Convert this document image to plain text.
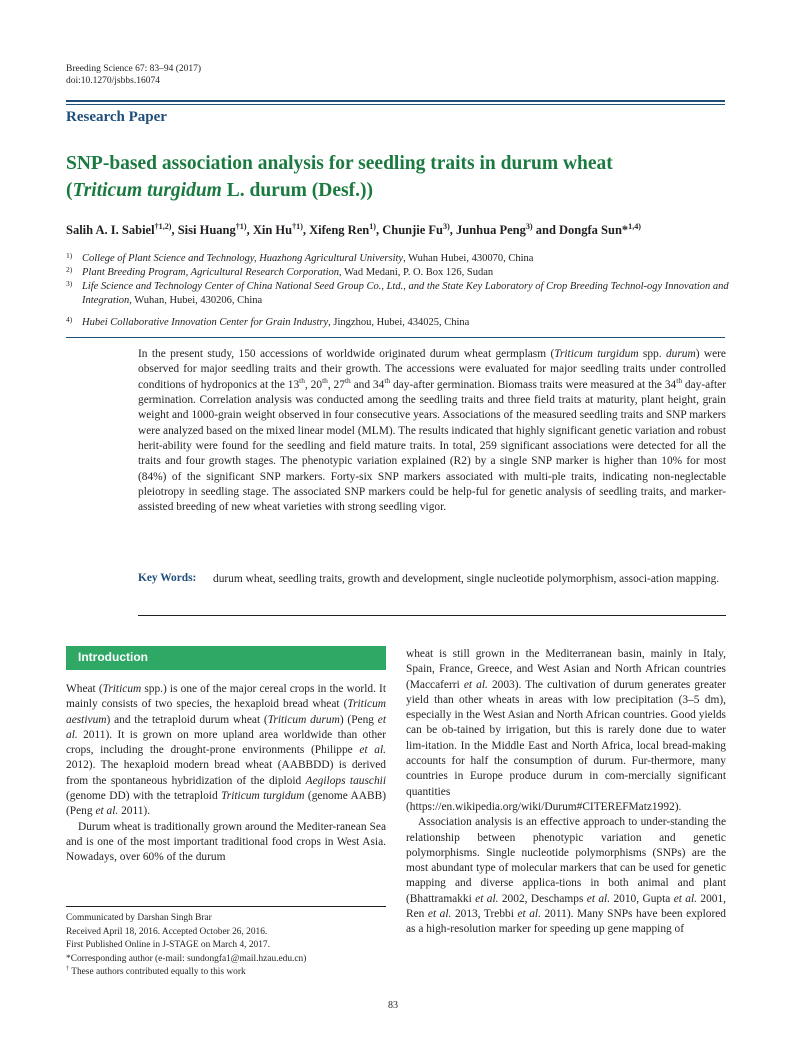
Breeding Science 67: 83–94 (2017)
doi:10.1270/jsbbs.16074
Research Paper
SNP-based association analysis for seedling traits in durum wheat
(Triticum turgidum L. durum (Desf.))
Salih A. I. Sabiel$^{\dagger 1,2)}$, Sisi Huang$^{\dagger 1)}$, Xin Hu$^{\dagger 1)}$, Xifeng Ren$^{1)}$, Chunjie Fu$^{3)}$, Junhua Peng$^{3)}$ and Dongfa Sun*$^{1,4)}$
1) College of Plant Science and Technology, Huazhong Agricultural University, Wuhan Hubei, 430070, China
2) Plant Breeding Program, Agricultural Research Corporation, Wad Medani, P. O. Box 126, Sudan
3) Life Science and Technology Center of China National Seed Group Co., Ltd., and the State Key Laboratory of Crop Breeding Technol-ogy Innovation and Integration, Wuhan, Hubei, 430206, China
4) Hubei Collaborative Innovation Center for Grain Industry, Jingzhou, Hubei, 434025, China
In the present study, 150 accessions of worldwide originated durum wheat germplasm (Triticum turgidum spp. durum) were observed for major seedling traits and their growth. The accessions were evaluated for major seedling traits under controlled conditions of hydroponics at the 13th, 20th, 27th and 34th day-after germination. Biomass traits were measured at the 34th day-after germination. Correlation analysis was conducted among the seedling traits and three field traits at maturity, plant height, grain weight and 1000-grain weight observed in four consecutive years. Associations of the measured seedling traits and SNP markers were analyzed based on the mixed linear model (MLM). The results indicated that highly significant genetic variation and robust herit-ability were found for the seedling and field mature traits. In total, 259 significant associations were detected for all the traits and four growth stages. The phenotypic variation explained (R2) by a single SNP marker is higher than 10% for most (84%) of the significant SNP markers. Forty-six SNP markers associated with multi-ple traits, indicating non-neglectable pleiotropy in seedling stage. The associated SNP markers could be help-ful for genetic analysis of seedling traits, and marker-assisted breeding of new wheat varieties with strong seedling vigor.
Key Words: durum wheat, seedling traits, growth and development, single nucleotide polymorphism, associ-ation mapping.
Introduction

Wheat (Triticum spp.) is one of the major cereal crops in the world. It mainly consists of two species, the hexaploid bread wheat (Triticum aestivum) and the tetraploid durum wheat (Triticum durum) (Peng et al. 2011). It is grown on more upland area worldwide than other crops, including the drought-prone environments (Philippe et al. 2012). The hexaploid modern bread wheat (AABBDD) is derived from the spontaneous hybridization of the diploid Aegilops tauschii (genome DD) with the tetraploid Triticum turgidum (genome AABB) (Peng et al. 2011).

Durum wheat is traditionally grown around the Mediter-ranean Sea and is one of the most important traditional food crops in West Asia. Nowadays, over 60% of the durum

wheat is still grown in the Mediterranean basin, mainly in Italy, Spain, France, Greece, and West Asian and North African countries (Maccaferri et al. 2003). The cultivation of durum generates greater yield than other wheats in areas with low precipitation (3–5 dm), especially in the West Asian and North African countries. Good yields can be ob-tained by irrigation, but this is rarely done due to water lim-itation. In the Middle East and North Africa, local bread-making accounts for half the consumption of durum. Fur-thermore, many countries in Europe produce durum in com-mercially significant quantities (https://en.wikipedia.org/wiki/Durum#CITEREFMatz1992).

Association analysis is an effective approach to under-standing the relationship between phenotypic variation and genetic polymorphisms. Single nucleotide polymorphisms (SNPs) are the most abundant type of molecular markers that can be used for genetic mapping and diverse applica-tions in both animal and plant (Bhattramakki et al. 2002, Deschamps et al. 2010, Gupta et al. 2001, Ren et al. 2013, Trebbi et al. 2011). Many SNPs have been explored as a high-resolution marker for speeding up gene mapping of

Communicated by Darshan Singh Brar
Received April 18, 2016. Accepted October 26, 2016.
First Published Online in J-STAGE on March 4, 2017.
*Corresponding author (e-mail: sundongfa1@mail.hzau.edu.cn)
† These authors contributed equally to this work
83
